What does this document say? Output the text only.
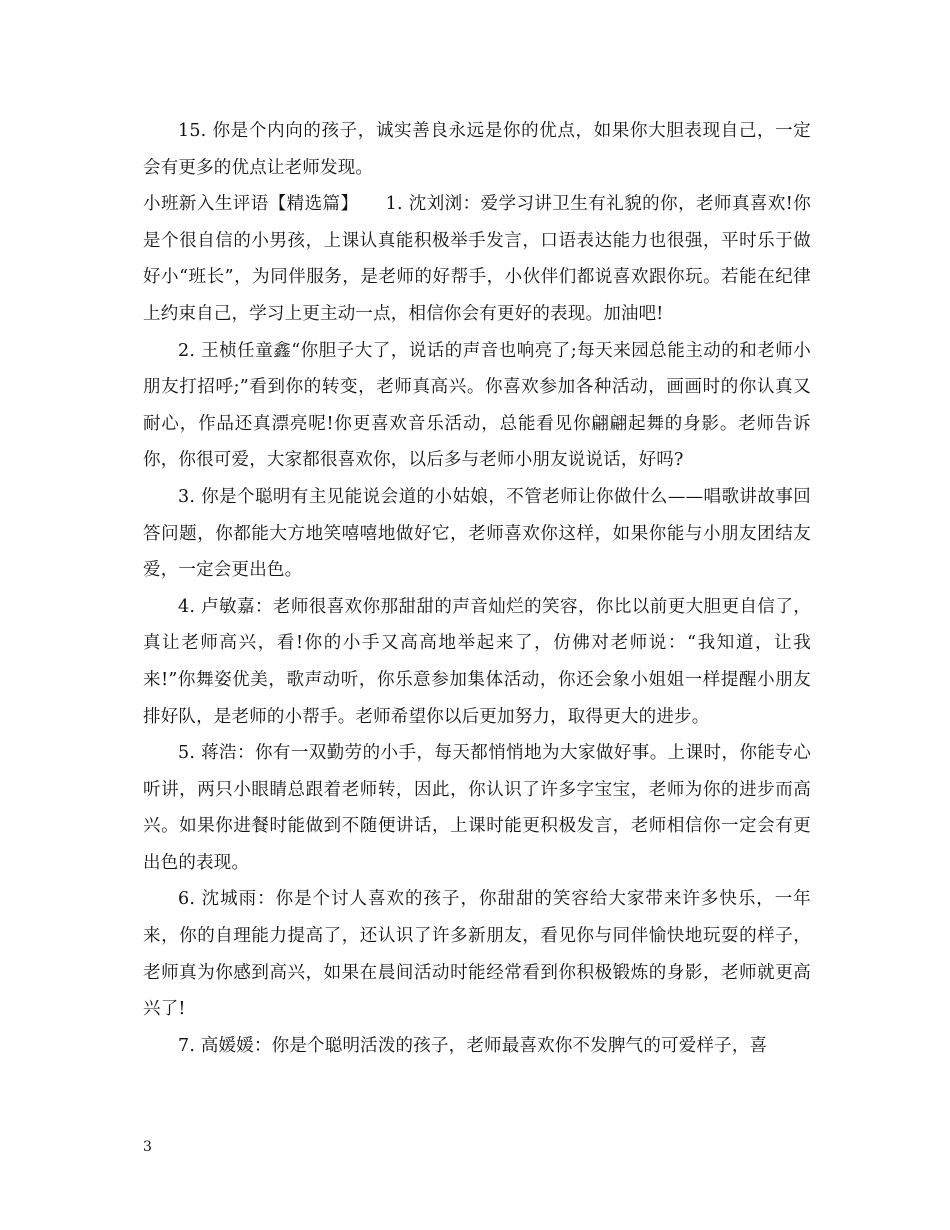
15. 你是个内向的孩子，诚实善良永远是你的优点，如果你大胆表现自己，一定会有更多的优点让老师发现。

小班新入生评语【精选篇】　　1. 沈刘浏：爱学习讲卫生有礼貌的你，老师真喜欢!你是个很自信的小男孩，上课认真能积极举手发言，口语表达能力也很强，平时乐于做好小“班长”，为同伴服务，是老师的好帮手，小伙伴们都说喜欢跟你玩。若能在纪律上约束自己，学习上更主动一点，相信你会有更好的表现。加油吧!

2. 王桢任童鑫“你胆子大了，说话的声音也响亮了;每天来园总能主动的和老师小朋友打招呼;”看到你的转变，老师真高兴。你喜欢参加各种活动，画画时的你认真又耐心，作品还真漂亮呢!你更喜欢音乐活动，总能看见你翩翩起舞的身影。老师告诉你，你很可爱，大家都很喜欢你，以后多与老师小朋友说说话，好吗?

3. 你是个聪明有主见能说会道的小姑娘，不管老师让你做什么——唱歌讲故事回答问题，你都能大方地笑嘻嘻地做好它，老师喜欢你这样，如果你能与小朋友团结友爱，一定会更出色。

4. 卢敏嘉：老师很喜欢你那甜甜的声音灿烂的笑容，你比以前更大胆更自信了，真让老师高兴，看!你的小手又高高地举起来了，仿佛对老师说：“我知道，让我来!”你舞姿优美，歌声动听，你乐意参加集体活动，你还会象小姐姐一样提醒小朋友排好队，是老师的小帮手。老师希望你以后更加努力，取得更大的进步。

5. 蒋浩：你有一双勤劳的小手，每天都悄悄地为大家做好事。上课时，你能专心听讲，两只小眼睛总跟着老师转，因此，你认识了许多字宝宝，老师为你的进步而高兴。如果你进餐时能做到不随便讲话，上课时能更积极发言，老师相信你一定会有更出色的表现。

6. 沈城雨：你是个讨人喜欢的孩子，你甜甜的笑容给大家带来许多快乐，一年来，你的自理能力提高了，还认识了许多新朋友，看见你与同伴愉快地玩耍的样子，老师真为你感到高兴，如果在晨间活动时能经常看到你积极锻炼的身影，老师就更高兴了!

7. 高媛媛：你是个聪明活泼的孩子，老师最喜欢你不发脾气的可爱样子，喜

3
